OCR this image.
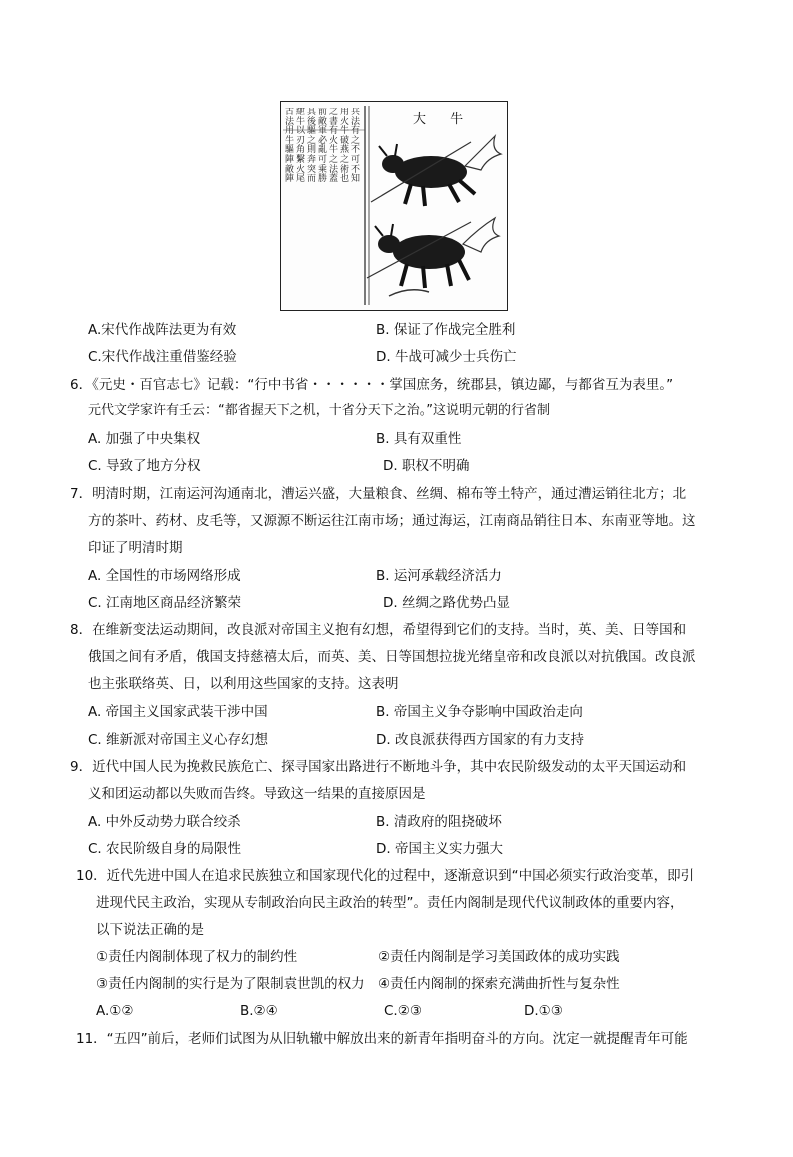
古法用牛驅陣敵陣
紲牛以刃角繫火尾
其後驅之則奔突而
前敵軍必亂可乘勝
之書有火牛之法蓋
用火牛破燕之術也
兵法有之不可不知
大 牛
A.宋代作战阵法更为有效	B. 保证了作战完全胜利
C.宋代作战注重借鉴经验	D. 牛战可减少士兵伤亡
6．《元史・百官志七》记载：“行中书省・・・・・・掌国庶务，统郡县，镇边鄙，与都省互为表里。”
元代文学家许有壬云：“都省握天下之机，十省分天下之治。”这说明元朝的行省制
A. 加强了中央集权	B. 具有双重性
C. 导致了地方分权	D. 职权不明确
7．明清时期，江南运河沟通南北，漕运兴盛，大量粮食、丝绸、棉布等土特产，通过漕运销往北方；北
方的茶叶、药材、皮毛等，又源源不断运往江南市场；通过海运，江南商品销往日本、东南亚等地。这
印证了明清时期
A. 全国性的市场网络形成	B. 运河承载经济活力
C. 江南地区商品经济繁荣	D. 丝绸之路优势凸显
8．在维新变法运动期间，改良派对帝国主义抱有幻想，希望得到它们的支持。当时，英、美、日等国和
俄国之间有矛盾，俄国支持慈禧太后，而英、美、日等国想拉拢光绪皇帝和改良派以对抗俄国。改良派
也主张联络英、日，以利用这些国家的支持。这表明
A. 帝国主义国家武装干涉中国	B. 帝国主义争夺影响中国政治走向
C. 维新派对帝国主义心存幻想	D. 改良派获得西方国家的有力支持
9．近代中国人民为挽救民族危亡、探寻国家出路进行不断地斗争，其中农民阶级发动的太平天国运动和
义和团运动都以失败而告终。导致这一结果的直接原因是
A. 中外反动势力联合绞杀	B. 清政府的阻挠破坏
C. 农民阶级自身的局限性	D. 帝国主义实力强大
10．近代先进中国人在追求民族独立和国家现代化的过程中，逐渐意识到“中国必须实行政治变革，即引
进现代民主政治，实现从专制政治向民主政治的转型”。责任内阁制是现代代议制政体的重要内容，
以下说法正确的是
①责任内阁制体现了权力的制约性	②责任内阁制是学习美国政体的成功实践
③责任内阁制的实行是为了限制袁世凯的权力 ④责任内阁制的探索充满曲折性与复杂性
A.①②	B.②④	C.②③	D.①③
11．“五四”前后，老师们试图为从旧轨辙中解放出来的新青年指明奋斗的方向。沈定一就提醒青年可能
